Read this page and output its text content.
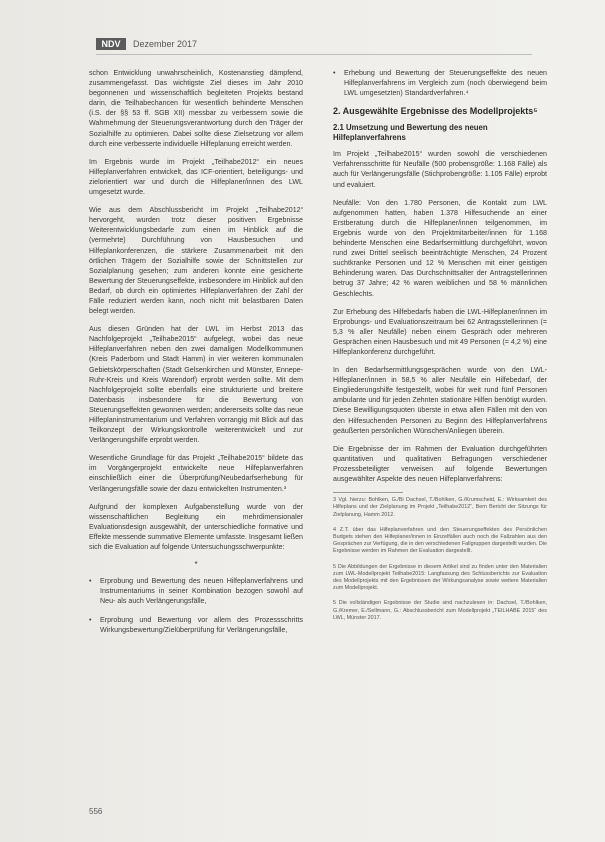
NDV	Dezember 2017

schon Entwicklung unwahrscheinlich, Kostenanstieg dämpfend, zusammengefasst. Das wichtigste Ziel dieses im Jahr 2010 begonnenen und wissenschaftlich begleiteten Projekts bestand darin, die Teilhabechancen für wesentlich behinderte Menschen (i.S. der §§ 53 ff. SGB XII) messbar zu verbessern sowie die Wahrnehmung der Steuerungsverantwortung durch den Träger der Sozialhilfe zu optimieren. Dabei sollte diese Zielsetzung vor allem durch eine verbesserte individuelle Hilfeplanung erreicht werden.

Im Ergebnis wurde im Projekt „Teilhabe2012“ ein neues Hilfeplanverfahren entwickelt, das ICF-orientiert, beteiligungs- und zielorientiert war und durch die Hilfeplaner/innen des LWL umgesetzt wurde.

Wie aus dem Abschlussbericht im Projekt „Teilhabe2012“ hervorgeht, wurden trotz dieser positiven Ergebnisse Weiterentwicklungsbedarfe zum einen im Hinblick auf die (vermehrte) Durchführung von Hausbesuchen und Hilfeplankonferenzen, die stärkere Zusammenarbeit mit den örtlichen Trägern der Sozialhilfe sowie der Schnittstellen zur Sozialplanung gesehen; zum anderen konnte eine gesicherte Bewertung der Steuerungseffekte, insbesondere im Hinblick auf den Bedarf, ob durch ein optimiertes Hilfeplanverfahren der Zahl der Fälle reduziert werden kann, noch nicht mit belastbaren Daten belegt werden.

Aus diesen Gründen hat der LWL im Herbst 2013 das Nachfolgeprojekt „Teilhabe2015“ aufgelegt, wobei das neue Hilfeplanverfahren neben den zwei damaligen Modellkommunen (Kreis Paderborn und Stadt Hamm) in vier weiteren kommunalen Gebietskörperschaften (Stadt Gelsenkirchen und Münster, Ennepe-Ruhr-Kreis und Kreis Warendorf) erprobt werden sollte. Mit dem Nachfolgeprojekt sollte ebenfalls eine strukturierte und breitere Datenbasis insbesondere für die Bewertung von Steuerungseffekten gewonnen werden; andererseits sollte das neue Hilfeplaninstrumentarium und Verfahren vorrangig mit Blick auf das Teilkonzept der Wirkungskontrolle weiterentwickelt und zur Verlängerungshilfe erprobt werden.

Wesentliche Grundlage für das Projekt „Teilhabe2015“ bildete das im Vorgängerprojekt entwickelte neue Hilfeplanverfahren einschließlich einer die Überprüfung/Neubedarfserhebung für Verlängerungsfälle sowie der dazu entwickelten Instrumenten.³

Aufgrund der komplexen Aufgabenstellung wurde von der wissenschaftlichen Begleitung ein mehrdimensionaler Evaluationsdesign ausgewählt, der unterschiedliche formative und Effekte messende summative Elemente umfasste. Insgesamt ließen sich die Evaluation auf folgende Untersuchungsschwerpunkte:

*
• Erprobung und Bewertung des neuen Hilfeplanverfahrens und Instrumentariums in seiner Kombination bezogen sowohl auf Neu- als auch Verlängerungsfälle,
• Erprobung und Bewertung vor allem des Prozessschritts Wirkungsbewertung/Zielüberprüfung für Verlängerungsfälle,
• Erhebung und Bewertung der Steuerungseffekte des neuen Hilfeplanverfahrens im Vergleich zum (noch überwiegend beim LWL umgesetzten) Standardverfahren.⁴
2. Ausgewählte Ergebnisse des Modellprojekts⁵
2.1 Umsetzung und Bewertung des neuen Hilfeplanverfahrens

Im Projekt „Teilhabe2015“ wurden sowohl die verschiedenen Verfahrensschritte für Neufälle (500 probensgröße: 1.168 Fälle) als auch für Verlängerungsfälle (Stichprobengröße: 1.105 Fälle) erprobt und evaluiert.

Neufälle: Von den 1.780 Personen, die Kontakt zum LWL aufgenommen hatten, haben 1.378 Hilfesuchende an einer Erstberatung durch die Hilfeplaner/innen teilgenommen, im Ergebnis wurde von den Projektmitarbeiter/innen für 1.168 behinderte Menschen eine Bedarfsermittlung durchgeführt, wovon rund zwei Drittel seelisch beeinträchtigte Menschen, 24 Prozent suchtkranke Personen und 12 % Menschen mit einer geistigen Behinderung waren. Das Durchschnittsalter der Antragstellerinnen betrug 37 Jahre; 42 % waren weiblichen und 58 % männlichen Geschlechts.

Zur Erhebung des Hilfebedarfs haben die LWL-Hilfeplaner/innen im Erprobungs- und Evaluationszeitraum bei 62 Antragsstellerinnen (= 5,3 % aller Neufälle) neben einem Gespräch oder mehreren Gesprächen einen Hausbesuch und mit 49 Personen (= 4,2 %) eine Hilfeplankonferenz durchgeführt.

In den Bedarfsermittlungsgesprächen wurde von den LWL-Hilfeplaner/innen in 58,5 % aller Neufälle ein Hilfebedarf, der Eingliederungshilfe festgestellt, wobei für weit rund fünf Personen ambulante und für jeden Zehnten stationäre Hilfen benötigt wurden. Diese Bewilligungsquoten überste in etwa allen Fällen mit den von den Hilfesuchenden Personen zu Beginn des Hilfeplanverfahrens geäußerten persönlichen Wünschen/Anliegen überein.

Die Ergebnisse der im Rahmen der Evaluation durchgeführten quantitativen und qualitativen Befragungen verschiedener Prozessbeteiligter verweisen auf folgende Bewertungen ausgewählter Aspekte des neuen Hilfeplanverfahrens:

3 Vgl. hierzu: Bohlken, G./Bi Dachsel, T./Bohlken, G./Krumscheid, E.: Wirksamkeit des Hilfeplans und der Zielplanung im Projekt „Teilhabe2012“, Bern Bericht der Sitzungs für Zielplanung, Hamm 2012.

4 Z.T. über das Hilfeplanverfahren und den Steuerungseffekten des Persönlichen Budgets stehen den Hilfeplaner/innen in Einzelfällen auch noch die Fallzahlen aus den Gesprächen zur Verfügung, die in den verschiedenen Fallgruppen dargestellt wurden. Die Ergebnisse werden im Rahmen der Evaluation dargestellt.

5 Die Abbildungen der Ergebnisse in diesem Artikel sind zu finden unter den Materialien zum LWL-Modellprojekt Teilhabe2015: Langfassung des Schlussberichts zur Evaluation des Modellprojekts mit den Ergebnissen der Wirkungsanalyse sowie weitere Materialien zum Modellprojekt.

5 Die vollständigen Ergebnisse der Studie sind nachzulesen in: Dachsel, T./Bohlken, G./Kremer, E./Sellmann, G.: Abschlussbericht zum Modellprojekt „TEILHABE 2015“ des LWL, Münster 2017.

556
